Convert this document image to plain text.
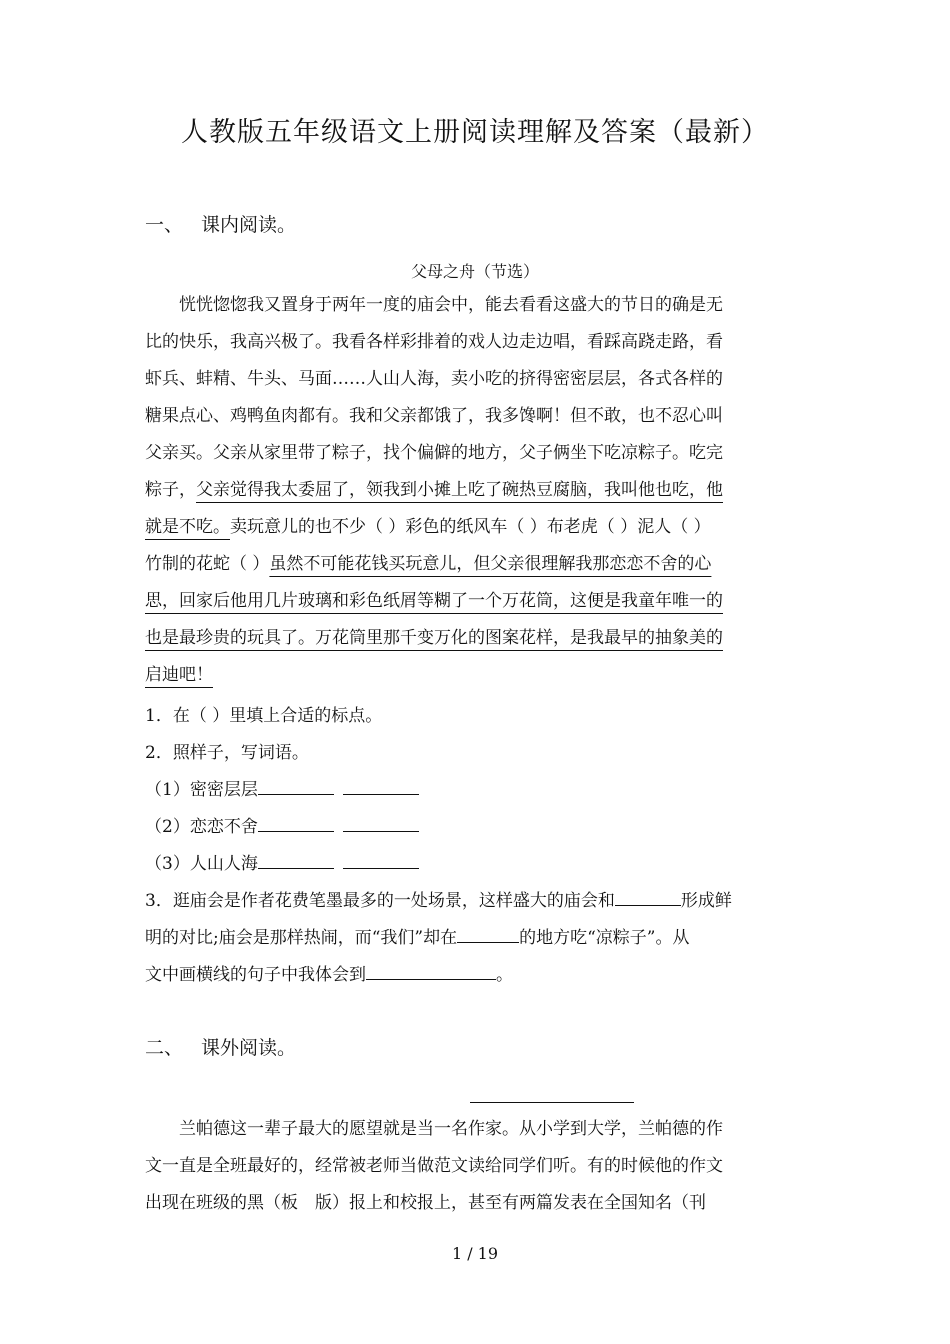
人教版五年级语文上册阅读理解及答案（最新）
一、 课内阅读。
父母之舟（节选）
　　恍恍惚惚我又置身于两年一度的庙会中，能去看看这盛大的节日的确是无
比的快乐，我高兴极了。我看各样彩排着的戏人边走边唱，看踩高跷走路，看
虾兵、蚌精、牛头、马面……人山人海，卖小吃的挤得密密层层，各式各样的
糖果点心、鸡鸭鱼肉都有。我和父亲都饿了，我多馋啊！但不敢，也不忍心叫
父亲买。父亲从家里带了粽子，找个偏僻的地方，父子俩坐下吃凉粽子。吃完
粽子，父亲觉得我太委屈了，领我到小摊上吃了碗热豆腐脑，我叫他也吃，他
就是不吃。卖玩意儿的也不少（ ）彩色的纸风车（ ）布老虎（ ）泥人（ ）
竹制的花蛇（ ）虽然不可能花钱买玩意儿，但父亲很理解我那恋恋不舍的心
思，回家后他用几片玻璃和彩色纸屑等糊了一个万花筒，这便是我童年唯一的
也是最珍贵的玩具了。万花筒里那千变万化的图案花样，是我最早的抽象美的
启迪吧！
1．在（ ）里填上合适的标点。
2．照样子，写词语。
（1）密密层层
（2）恋恋不舍
（3）人山人海
3．逛庙会是作者花费笔墨最多的一处场景，这样盛大的庙会和	形成鲜
明的对比;庙会是那样热闹，而“我们”却在	的地方吃“凉粽子”。从
文中画横线的句子中我体会到	。
二、 课外阅读。
　　兰帕德这一辈子最大的愿望就是当一名作家。从小学到大学，兰帕德的作
文一直是全班最好的，经常被老师当做范文读给同学们听。有的时候他的作文
出现在班级的黑（板　版）报上和校报上，甚至有两篇发表在全国知名（刊
1 / 19
